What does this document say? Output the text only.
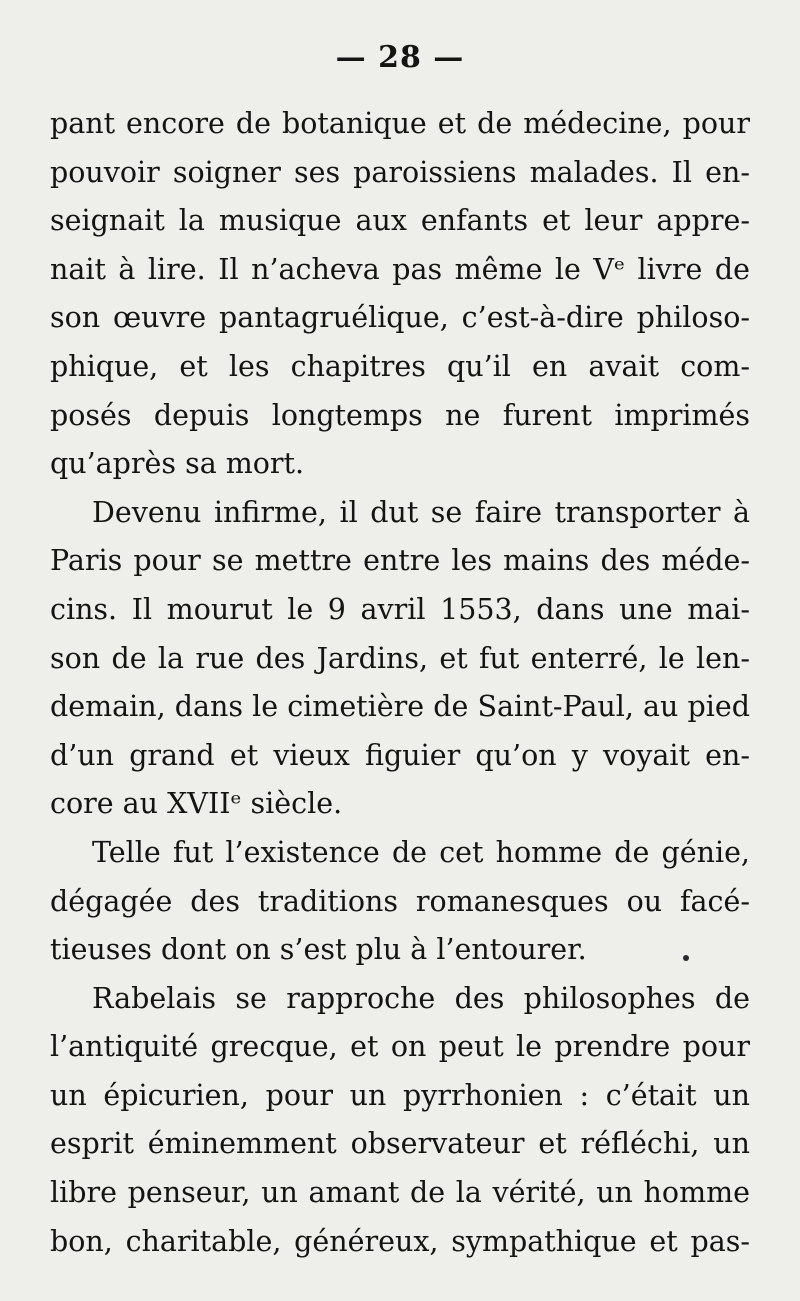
— 28 —
pant encore de botanique et de médecine, pour
pouvoir soigner ses paroissiens malades. Il en-
seignait la musique aux enfants et leur appre-
nait à lire. Il n’acheva pas même le Vᵉ livre de
son œuvre pantagruélique, c’est-à-dire philoso-
phique, et les chapitres qu’il en avait com-
posés depuis longtemps ne furent imprimés
qu’après sa mort.
Devenu infirme, il dut se faire transporter à
Paris pour se mettre entre les mains des méde-
cins. Il mourut le 9 avril 1553, dans une mai-
son de la rue des Jardins, et fut enterré, le len-
demain, dans le cimetière de Saint-Paul, au pied
d’un grand et vieux figuier qu’on y voyait en-
core au XVIIᵉ siècle.
Telle fut l’existence de cet homme de génie,
dégagée des traditions romanesques ou facé-
tieuses dont on s’est plu à l’entourer.
Rabelais se rapproche des philosophes de
l’antiquité grecque, et on peut le prendre pour
un épicurien, pour un pyrrhonien : c’était un
esprit éminemment observateur et réfléchi, un
libre penseur, un amant de la vérité, un homme
bon, charitable, généreux, sympathique et pas-
